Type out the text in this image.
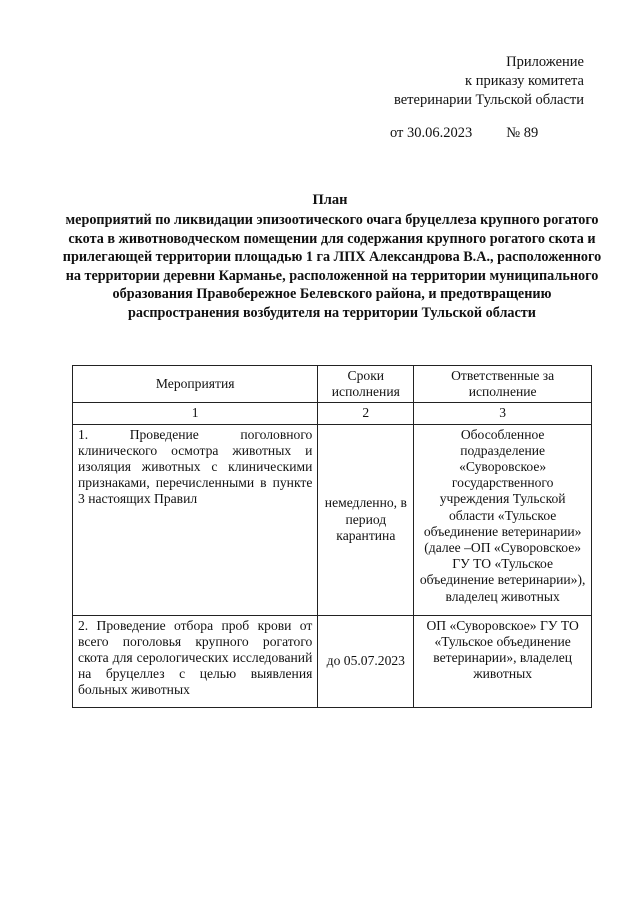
Приложение
к приказу комитета
ветеринарии Тульской области
от 30.06.2023 № 89
План
мероприятий по ликвидации эпизоотического очага бруцеллеза крупного рогатого скота в животноводческом помещении для содержания крупного рогатого скота и прилегающей территории площадью 1 га ЛПХ Александрова В.А., расположенного на территории деревни Карманье, расположенной на территории муниципального образования Правобережное Белевского района, и предотвращению распространения возбудителя на территории Тульской области
Мероприятия	Сроки исполнения	Ответственные за исполнение
1	2	3
1. Проведение поголовного клинического осмотра животных и изоляция животных с клиническими признаками, перечисленными в пункте 3 настоящих Правил	немедленно, в период карантина	Обособленное подразделение «Суворовское» государственного учреждения Тульской области «Тульское объединение ветеринарии» (далее –ОП «Суворовское» ГУ ТО «Тульское объединение ветеринарии»), владелец животных
2. Проведение отбора проб крови от всего поголовья крупного рогатого скота для серологических исследований на бруцеллез с целью выявления больных животных	до 05.07.2023	ОП «Суворовское» ГУ ТО «Тульское объединение ветеринарии», владелец животных
